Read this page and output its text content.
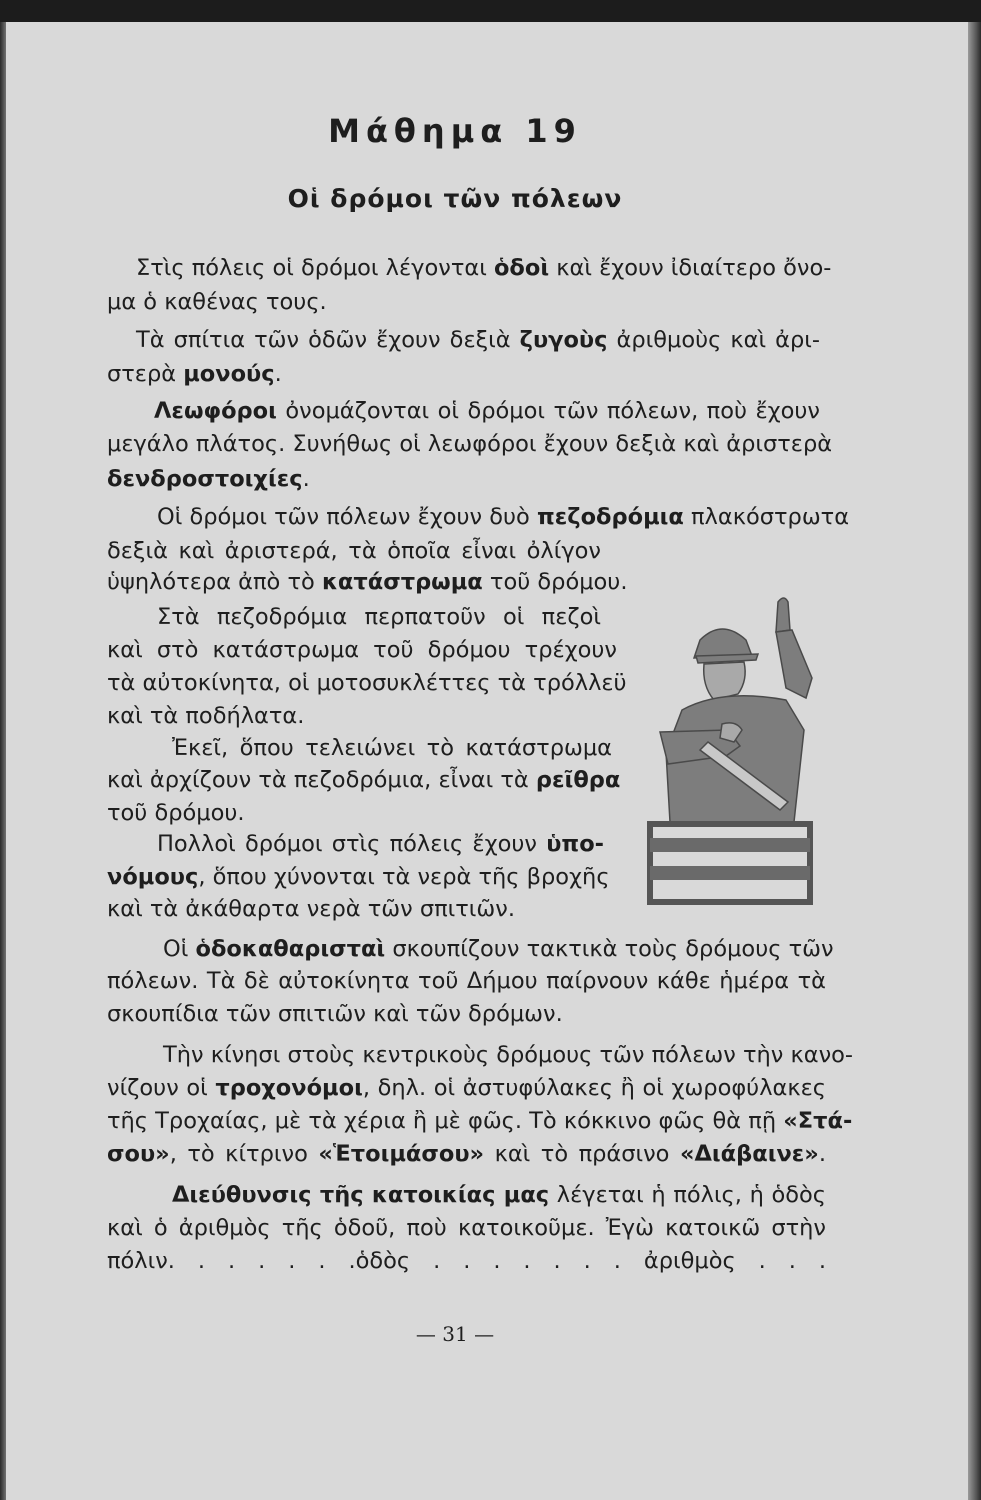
Μάθημα 19
Οἱ δρόμοι τῶν πόλεων
Στὶς πόλεις οἱ δρόμοι λέγονται ὁδοὶ καὶ ἔχουν ἰδιαίτερο ὄνο-
μα ὁ καθένας τους.
Τὰ σπίτια τῶν ὁδῶν ἔχουν δεξιὰ ζυγοὺς ἀριθμοὺς καὶ ἀρι-
στερὰ μονούς.
Λεωφόροι ὀνομάζονται οἱ δρόμοι τῶν πόλεων, ποὺ ἔχουν
μεγάλο πλάτος. Συνήθως οἱ λεωφόροι ἔχουν δεξιὰ καὶ ἀριστερὰ
δενδροστοιχίες.
Οἱ δρόμοι τῶν πόλεων ἔχουν δυὸ πεζοδρόμια πλακόστρωτα
δεξιὰ καὶ ἀριστερά, τὰ ὁποῖα εἶναι ὀλίγον
ὑψηλότερα ἀπὸ τὸ κατάστρωμα τοῦ δρόμου.
Στὰ πεζοδρόμια περπατοῦν οἱ πεζοὶ
καὶ στὸ κατάστρωμα τοῦ δρόμου τρέχουν
τὰ αὐτοκίνητα, οἱ μοτοσυκλέττες τὰ τρόλλεϋ
καὶ τὰ ποδήλατα.
Ἐκεῖ, ὅπου τελειώνει τὸ κατάστρωμα
καὶ ἀρχίζουν τὰ πεζοδρόμια, εἶναι τὰ ρεῖθρα
τοῦ δρόμου.
Πολλοὶ δρόμοι στὶς πόλεις ἔχουν ὑπο-
νόμους, ὅπου χύνονται τὰ νερὰ τῆς βροχῆς
καὶ τὰ ἀκάθαρτα νερὰ τῶν σπιτιῶν.
Οἱ ὁδοκαθαρισταὶ σκουπίζουν τακτικὰ τοὺς δρόμους τῶν
πόλεων. Τὰ δὲ αὐτοκίνητα τοῦ Δήμου παίρνουν κάθε ἡμέρα τὰ
σκουπίδια τῶν σπιτιῶν καὶ τῶν δρόμων.
Τὴν κίνησι στοὺς κεντρικοὺς δρόμους τῶν πόλεων τὴν κανο-
νίζουν οἱ τροχονόμοι, δηλ. οἱ ἀστυφύλακες ἢ οἱ χωροφύλακες
τῆς Τροχαίας, μὲ τὰ χέρια ἢ μὲ φῶς. Τὸ κόκκινο φῶς θὰ πῇ «Στά-
σου», τὸ κίτρινο «Ἑτοιμάσου» καὶ τὸ πράσινο «Διάβαινε».
Διεύθυνσις τῆς κατοικίας μας λέγεται ἡ πόλις, ἡ ὁδὸς
καὶ ὁ ἀριθμὸς τῆς ὁδοῦ, ποὺ κατοικοῦμε. Ἐγὼ κατοικῶ στὴν
πόλιν. . . . . . .ὁδὸς . . . . . . . ἀριθμὸς . . .
— 31 —
